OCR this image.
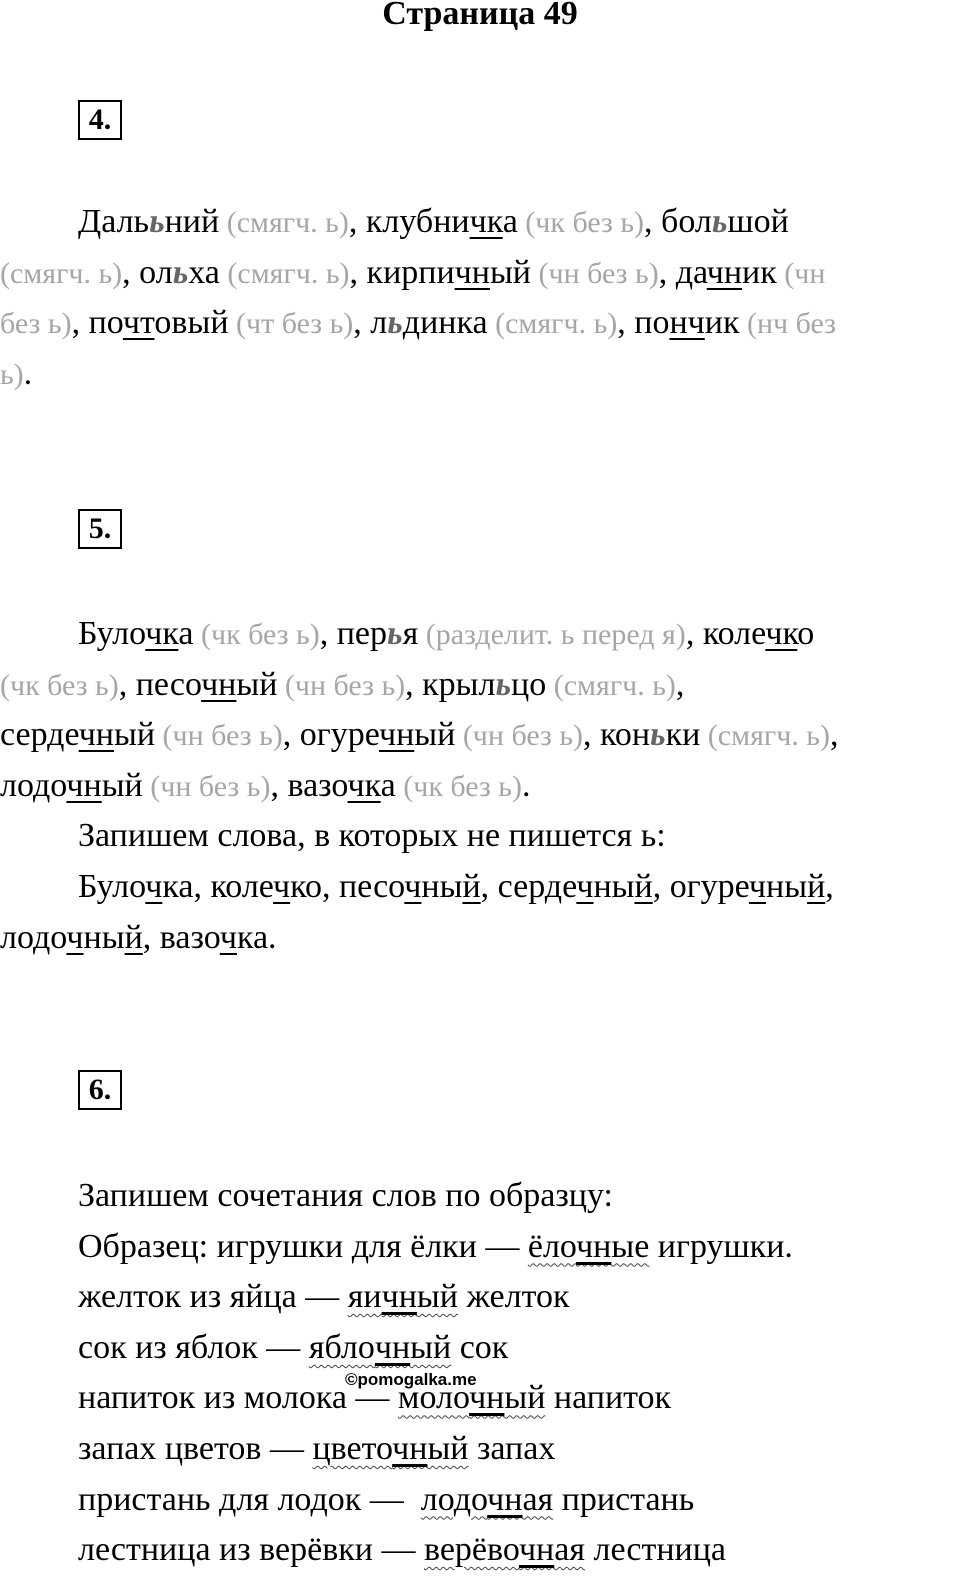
Страница 49
4.
Далььний (смягч. ь), клубничка (чк без ь), большой
(смягч. ь), ольха (смягч. ь), кирпичный (чн без ь), дачник (чн
без ь), почтовый (чт без ь), льдинка (смягч. ь), пончик (нч без
ь).
5.
Булочка (чк без ь), перья (разделит. ь перед я), колечко
(чк без ь), песочный (чн без ь), крыльцо (смягч. ь),
сердечный (чн без ь), огуречный (чн без ь), коньки (смягч. ь),
лодочный (чн без ь), вазочка (чк без ь).
Запишем слова, в которых не пишется ь:
Булочка, колечко, песочный, сердечный, огуречный,
лодочный, вазочка.
6.
Запишем сочетания слов по образцу:
Образец: игрушки для ёлки — ёлочные игрушки.
желток из яйца — яичный желток
сок из яблок — яблoчный сок
напиток из молока — молочный напиток
запах цветов — цветочный запах
пристань для лодок —  лодочная пристань
лестница из верёвки — верёвочная лестница
©pomogalka.me
